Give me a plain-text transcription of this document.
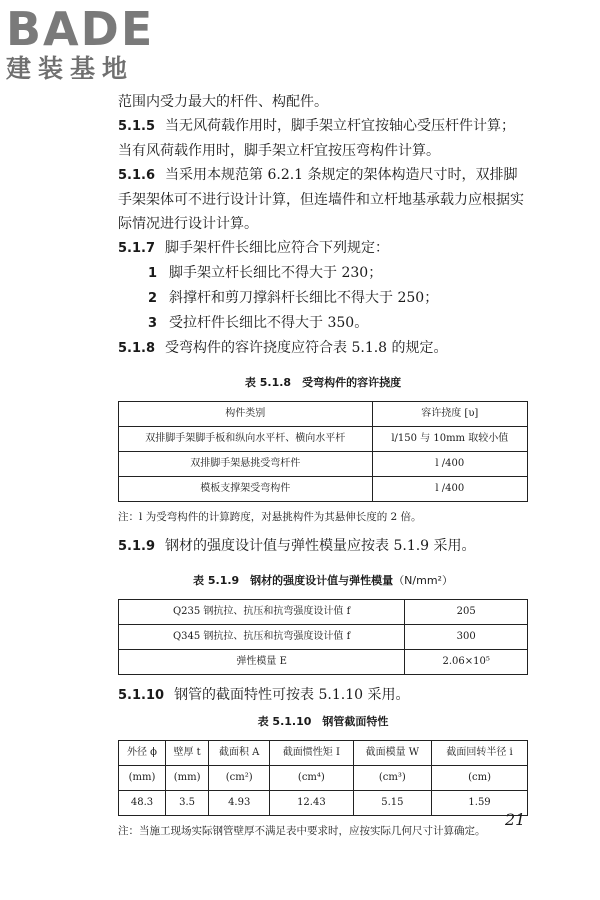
BADE
建装基地

范围内受力最大的杆件、构配件。

5.1.5 当无风荷载作用时，脚手架立杆宜按轴心受压杆件计算；当有风荷载作用时，脚手架立杆宜按压弯构件计算。

5.1.6 当采用本规范第 6.2.1 条规定的架体构造尺寸时，双排脚手架架体可不进行设计计算，但连墙件和立杆地基承载力应根据实际情况进行设计计算。

5.1.7 脚手架杆件长细比应符合下列规定：

1 脚手架立杆长细比不得大于 230；

2 斜撑杆和剪刀撑斜杆长细比不得大于 250；

3 受拉杆件长细比不得大于 350。

5.1.8 受弯构件的容许挠度应符合表 5.1.8 的规定。

表 5.1.8　受弯构件的容许挠度
构件类别	容许挠度 [υ]
双排脚手架脚手板和纵向水平杆、横向水平杆	l/150 与 10mm 取较小值
双排脚手架悬挑受弯杆件	l /400
模板支撑架受弯构件	l /400

注：l 为受弯构件的计算跨度，对悬挑构件为其悬伸长度的 2 倍。

5.1.9 钢材的强度设计值与弹性模量应按表 5.1.9 采用。

表 5.1.9　钢材的强度设计值与弹性模量（N/mm²）
Q235 钢抗拉、抗压和抗弯强度设计值 f	205
Q345 钢抗拉、抗压和抗弯强度设计值 f	300
弹性模量 E	2.06×10⁵

5.1.10 钢管的截面特性可按表 5.1.10 采用。

表 5.1.10　钢管截面特性
外径 ϕ	壁厚 t	截面积 A	截面惯性矩 I	截面模量 W	截面回转半径 i
(mm)	(mm)	(cm²)	(cm⁴)	(cm³)	(cm)
48.3	3.5	4.93	12.43	5.15	1.59

注：当施工现场实际钢管壁厚不满足表中要求时，应按实际几何尺寸计算确定。

21
